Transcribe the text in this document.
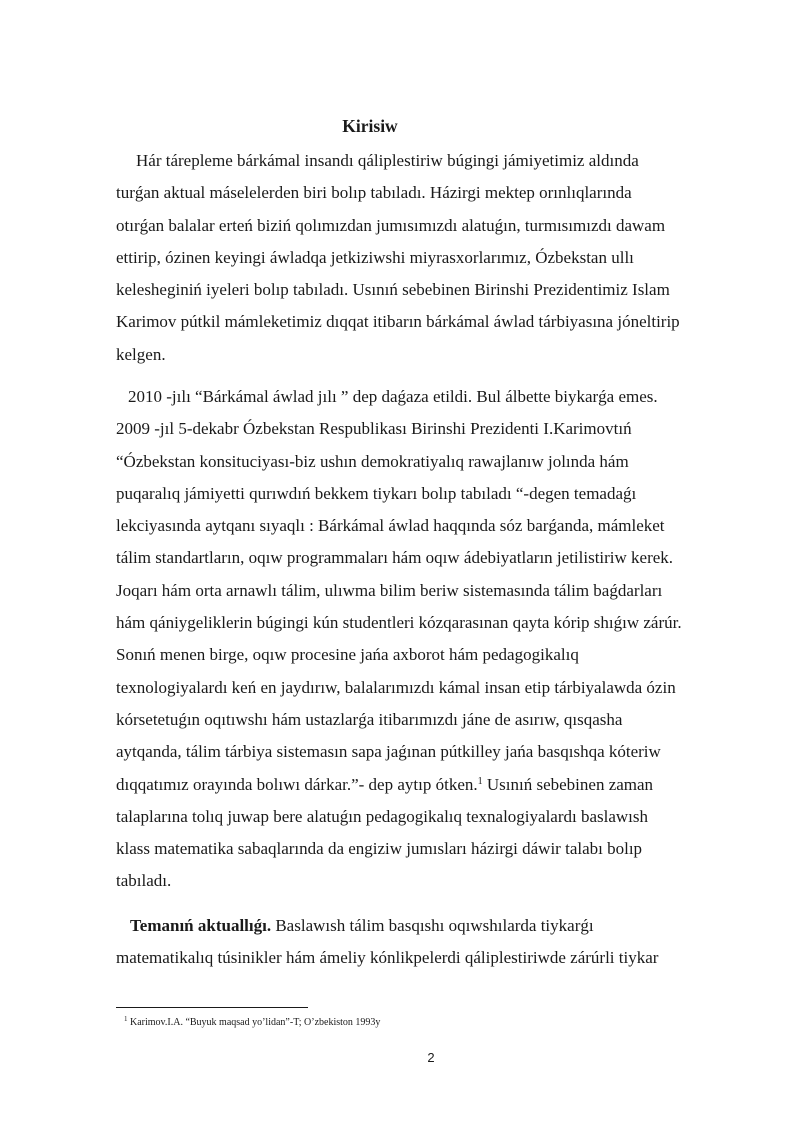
Kirisiw

Hár tárepleme bárkámal insandı qáliplestiriw búgingi jámiyetimiz aldında
turǵan aktual máselelerden biri bolıp tabıladı. Házirgi mektep orınlıqlarında
otırǵan balalar erteń biziń qolımızdan jumısımızdı alatuǵın, turmısımızdı dawam
ettirip, ózinen keyingi áwladqa jetkiziwshi miyrasxorlarımız, Ózbekstan ullı
kelesheginiń iyeleri bolıp tabıladı. Usınıń sebebinen Birinshi Prezidentimiz Islam
Karimov pútkil mámleketimiz dıqqat itibarın bárkámal áwlad tárbiyasına jóneltirip
kelgen.

2010 -jılı “Bárkámal áwlad jılı ” dep daǵaza etildi. Bul álbette biykarǵa emes.
2009 -jıl 5-dekabr Ózbekstan Respublikası Birinshi Prezidenti I.Karimovtıń
“Ózbekstan konsituciyası-biz ushın demokratiyalıq rawajlanıw jolında hám
puqaralıq jámiyetti qurıwdıń bekkem tiykarı bolıp tabıladı “-degen temadaǵı
lekciyasında aytqanı sıyaqlı : Bárkámal áwlad haqqında sóz barǵanda, mámleket
tálim standartların, oqıw programmaları hám oqıw ádebiyatların jetilistiriw kerek.
Joqarı hám orta arnawlı tálim, ulıwma bilim beriw sistemasında tálim baǵdarları
hám qániygeliklerin búgingi kún studentleri kózqarasınan qayta kórip shıǵıw zárúr.
Sonıń menen birge, oqıw procesine jańa axborot hám pedagogikalıq
texnologiyalardı keń en jaydırıw, balalarımızdı kámal insan etip tárbiyalawda ózin
kórsetetuǵın oqıtıwshı hám ustazlarǵa itibarımızdı jáne de asırıw, qısqasha
aytqanda, tálim tárbiya sistemasın sapa jaǵınan pútkilley jańa basqıshqa kóteriw
dıqqatımız orayında bolıwı dárkar.”- dep aytıp ótken.$^1$ Usınıń sebebinen zaman
talaplarına tolıq juwap bere alatuǵın pedagogikalıq texnalogiyalardı baslawısh
klass matematika sabaqlarında da engiziw jumısları házirgi dáwir talabı bolıp
tabıladı.

Temanıń aktuallıǵı. Baslawısh tálim basqıshı oqıwshılarda tiykarǵı
matematikalıq túsinikler hám ámeliy kónlikpelerdi qáliplestiriwde zárúrli tiykar

$^1$ Karimov.I.A. “Buyuk maqsad yo’lidan”-T; O’zbekiston 1993y

2
